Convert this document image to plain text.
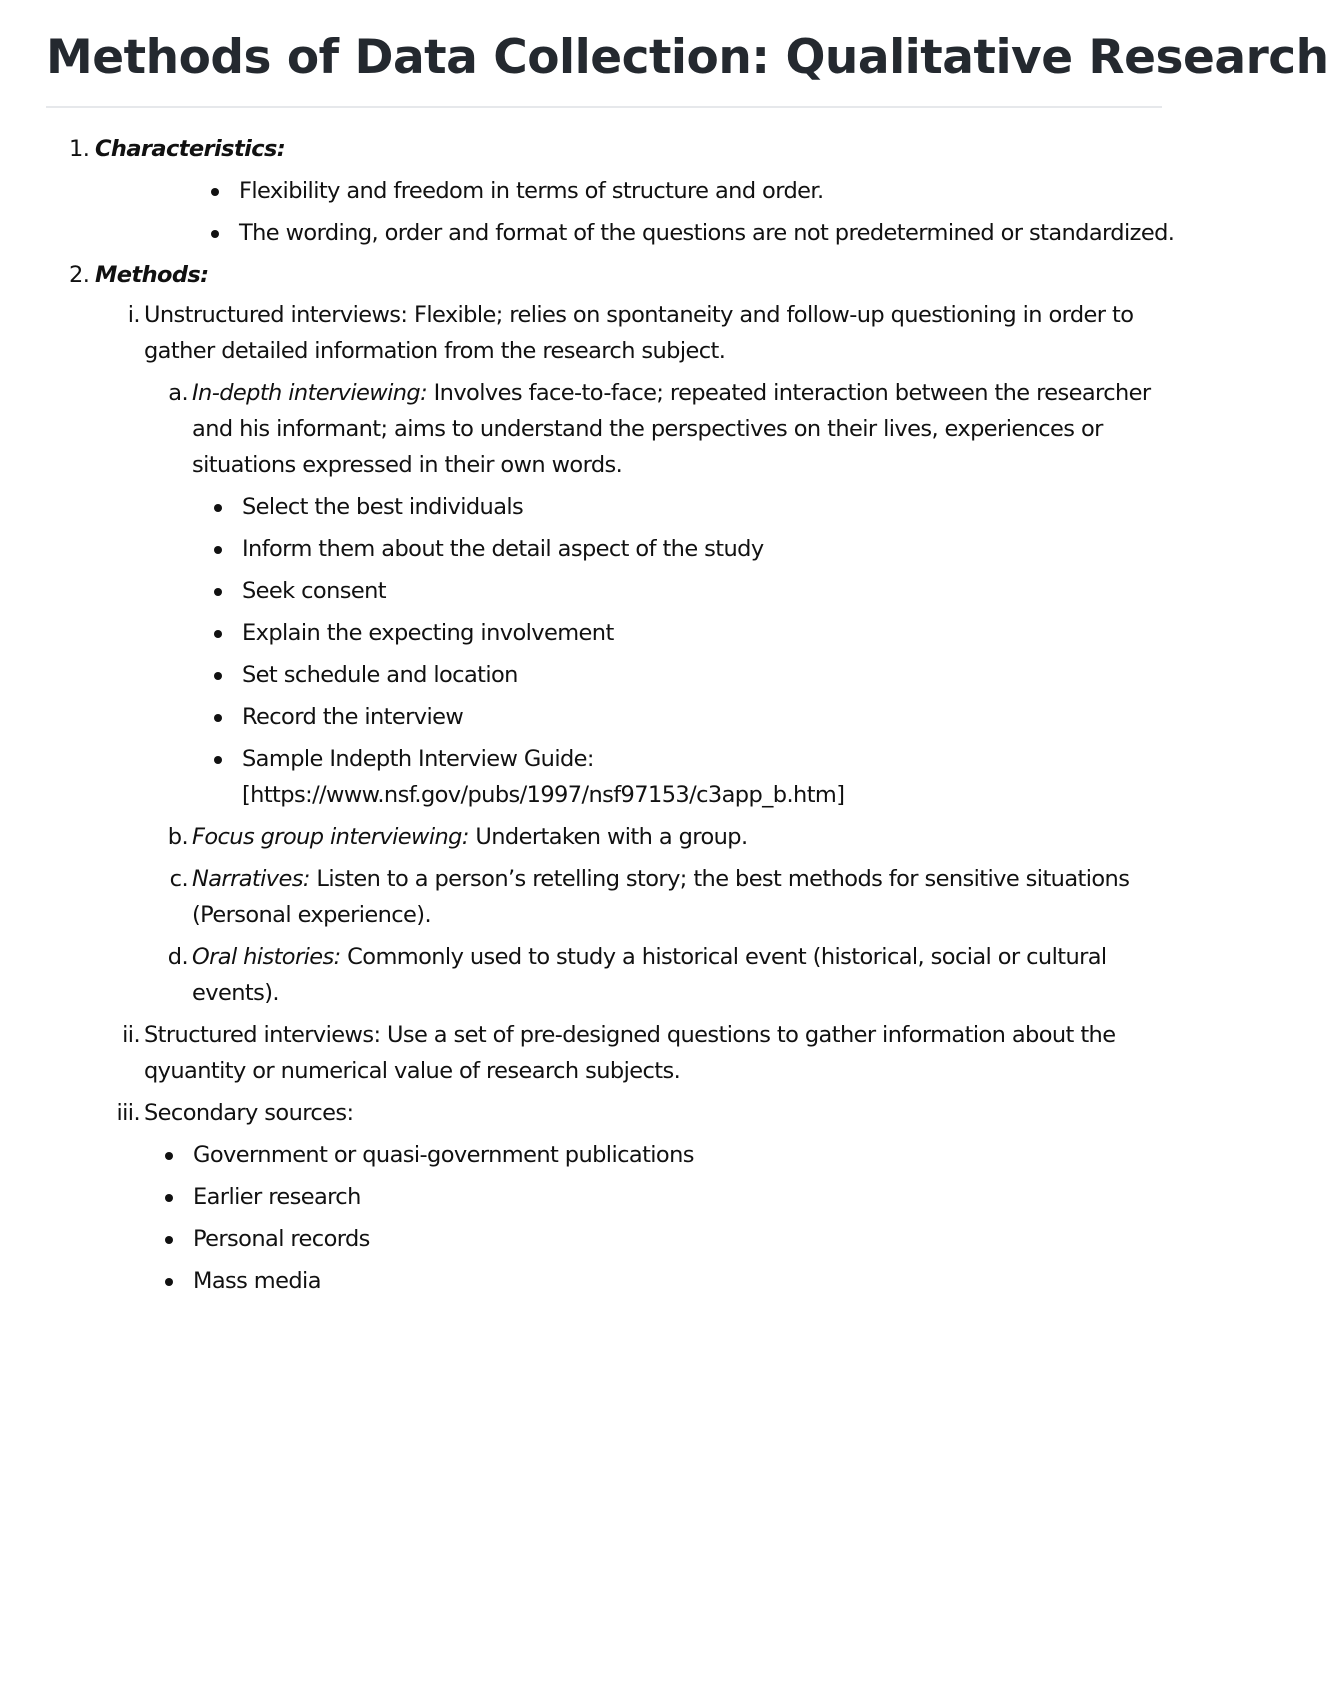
Methods of Data Collection: Qualitative Research
1. Characteristics:
Flexibility and freedom in terms of structure and order.
The wording, order and format of the questions are not predetermined or standardized.
2. Methods:
i. Unstructured interviews: Flexible; relies on spontaneity and follow-up questioning in order to gather detailed information from the research subject.
a. In-depth interviewing: Involves face-to-face; repeated interaction between the researcher and his informant; aims to understand the perspectives on their lives, experiences or situations expressed in their own words.
Select the best individuals
Inform them about the detail aspect of the study
Seek consent
Explain the expecting involvement
Set schedule and location
Record the interview
Sample Indepth Interview Guide: [https://www.nsf.gov/pubs/1997/nsf97153/c3app_b.htm]
b. Focus group interviewing: Undertaken with a group.
c. Narratives: Listen to a person’s retelling story; the best methods for sensitive situations (Personal experience).
d. Oral histories: Commonly used to study a historical event (historical, social or cultural events).
ii. Structured interviews: Use a set of pre-designed questions to gather information about the qyuantity or numerical value of research subjects.
iii. Secondary sources:
Government or quasi-government publications
Earlier research
Personal records
Mass media
